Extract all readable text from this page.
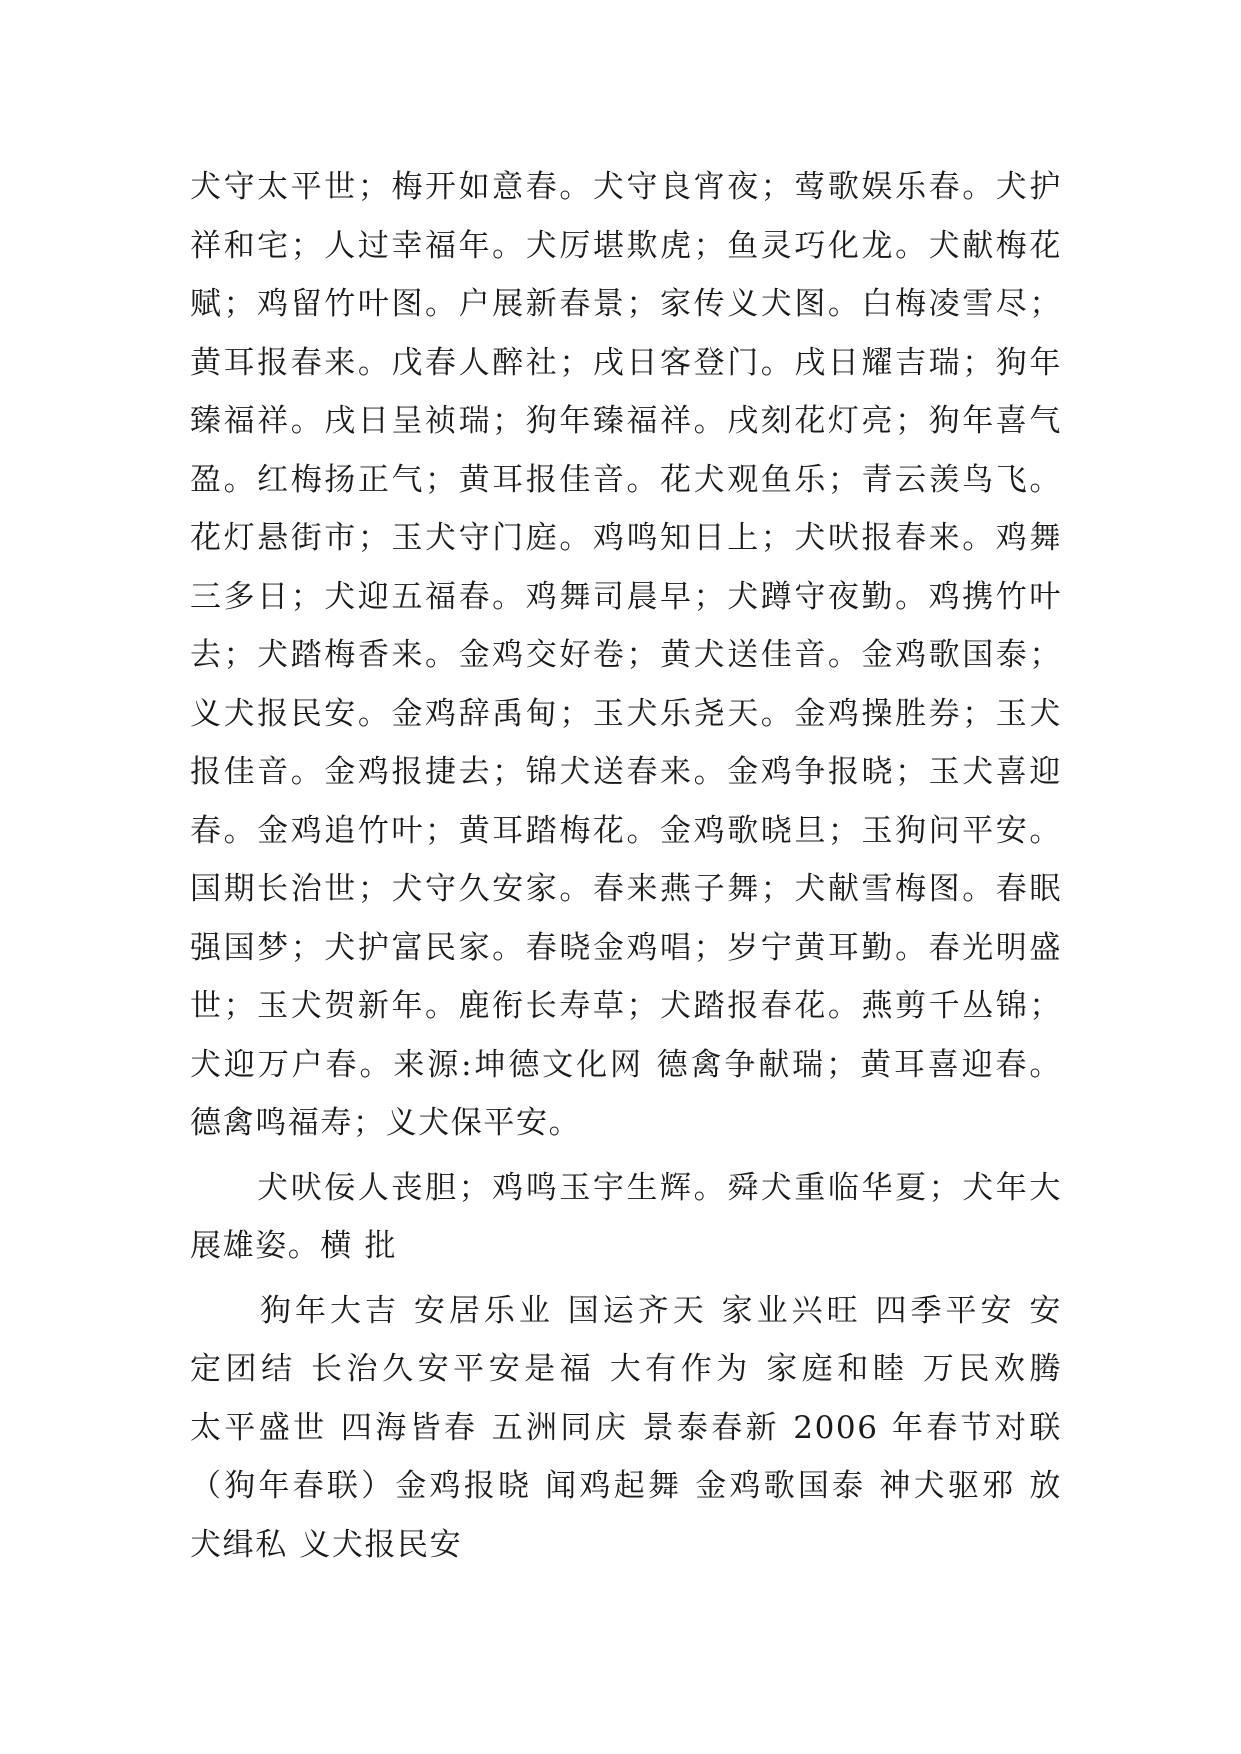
犬守太平世；梅开如意春。犬守良宵夜；莺歌娱乐春。犬护
祥和宅；人过幸福年。犬厉堪欺虎；鱼灵巧化龙。犬献梅花
赋；鸡留竹叶图。户展新春景；家传义犬图。白梅凌雪尽；
黄耳报春来。戊春人醉社；戌日客登门。戌日耀吉瑞；狗年
臻福祥。戌日呈祯瑞；狗年臻福祥。戌刻花灯亮；狗年喜气
盈。红梅扬正气；黄耳报佳音。花犬观鱼乐；青云羡鸟飞。
花灯悬街市；玉犬守门庭。鸡鸣知日上；犬吠报春来。鸡舞
三多日；犬迎五福春。鸡舞司晨早；犬蹲守夜勤。鸡携竹叶
去；犬踏梅香来。金鸡交好卷；黄犬送佳音。金鸡歌国泰；
义犬报民安。金鸡辞禹甸；玉犬乐尧天。金鸡操胜券；玉犬
报佳音。金鸡报捷去；锦犬送春来。金鸡争报晓；玉犬喜迎
春。金鸡追竹叶；黄耳踏梅花。金鸡歌晓旦；玉狗问平安。
国期长治世；犬守久安家。春来燕子舞；犬献雪梅图。春眠
强国梦；犬护富民家。春晓金鸡唱；岁宁黄耳勤。春光明盛
世；玉犬贺新年。鹿衔长寿草；犬踏报春花。燕剪千丛锦；
犬迎万户春。来源:坤德文化网 德禽争献瑞；黄耳喜迎春。
德禽鸣福寿；义犬保平安。
　　犬吠佞人丧胆；鸡鸣玉宇生辉。舜犬重临华夏；犬年大
展雄姿。横 批
　　狗年大吉 安居乐业 国运齐天 家业兴旺 四季平安 安
定团结 长治久安平安是福 大有作为 家庭和睦 万民欢腾
太平盛世 四海皆春 五洲同庆 景泰春新 2006 年春节对联
（狗年春联）金鸡报晓 闻鸡起舞 金鸡歌国泰 神犬驱邪 放
犬缉私 义犬报民安
